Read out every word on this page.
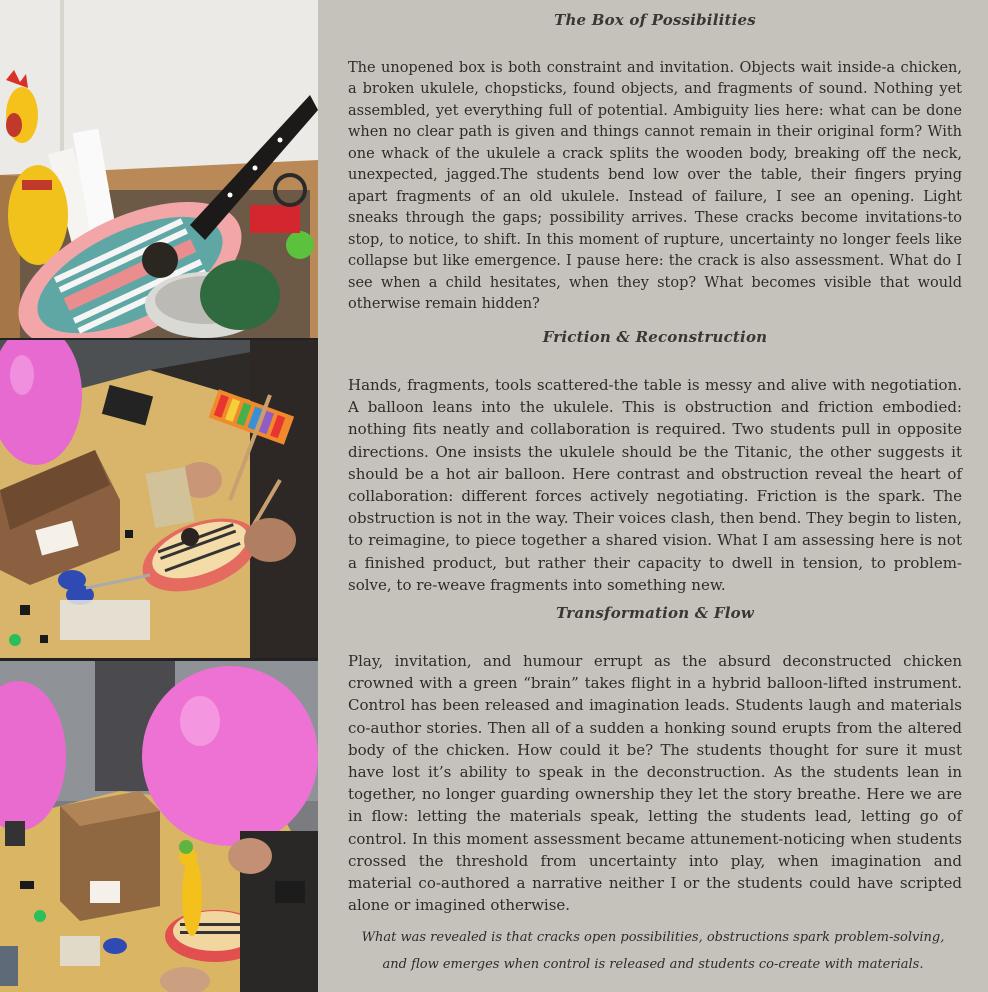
The Box of Possibilities

The unopened box is both constraint and invitation. Objects wait inside-a chicken, a broken ukulele, chopsticks, found objects, and fragments of sound. Nothing yet assembled, yet everything full of potential. Ambiguity lies here: what can be done when no clear path is given and things cannot remain in their original form? With one whack of the ukulele a crack splits the wooden body, breaking off the neck, unexpected, jagged.The students bend low over the table, their fingers prying apart fragments of an old ukulele. Instead of failure, I see an opening. Light sneaks through the gaps; possibility arrives. These cracks become invitations-to stop, to notice, to shift. In this moment of rupture, uncertainty no longer feels like collapse but like emergence. I pause here: the crack is also assessment. What do I see when a child hesitates, when they stop? What becomes visible that would otherwise remain hidden?

Friction & Reconstruction

Hands, fragments, tools scattered-the table is messy and alive with negotiation. A balloon leans into the ukulele. This is obstruction and friction embodied: nothing fits neatly and collaboration is required. Two students pull in opposite directions. One insists the ukulele should be the Titanic, the other suggests it should be a hot air balloon. Here contrast and obstruction reveal the heart of collaboration: different forces actively negotiating. Friction is the spark. The obstruction is not in the way. Their voices clash, then bend. They begin to listen, to reimagine, to piece together a shared vision. What I am assessing here is not a finished product, but rather their capacity to dwell in tension, to problem-solve, to re-weave fragments into something new.

Transformation & Flow

Play, invitation, and humour errupt as the absurd deconstructed chicken crowned with a green “brain” takes flight in a hybrid balloon-lifted instrument. Control has been released and imagination leads. Students laugh and materials co-author stories. Then all of a sudden a honking sound erupts from the altered body of the chicken. How could it be? The students thought for sure it must have lost it’s ability to speak in the deconstruction. As the students lean in together, no longer guarding ownership they let the story breathe. Here we are in flow: letting the materials speak, letting the students lead, letting go of control. In this moment assessment became attunement-noticing when students crossed the threshold from uncertainty into play, when imagination and material co-authored a narrative neither I or the students could have scripted alone or imagined otherwise.

What was revealed is that cracks open possibilities, obstructions spark problem-solving, and flow emerges when control is released and students co-create with materials.
